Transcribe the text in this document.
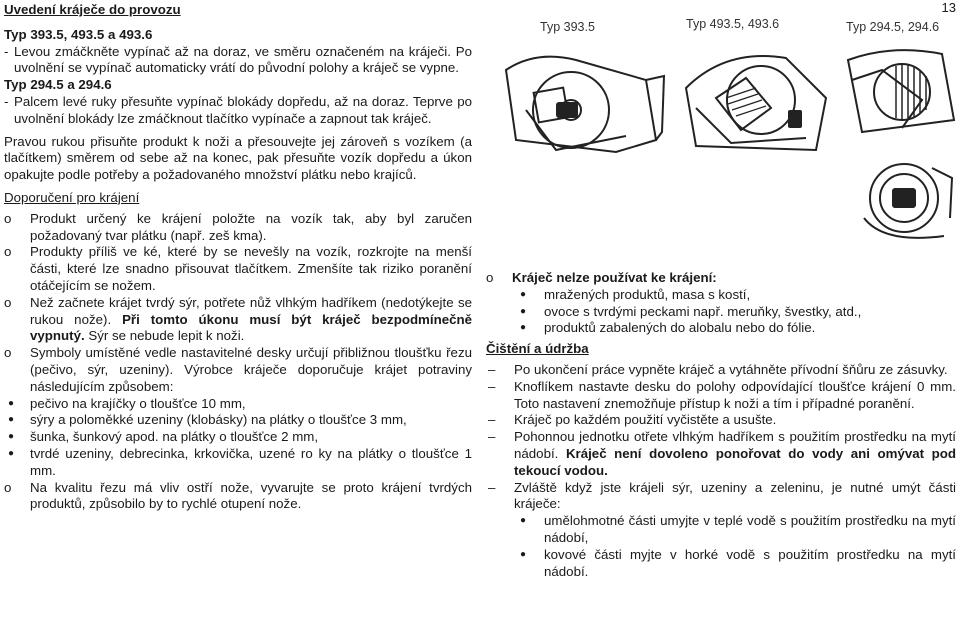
13

Uvedení kráječe do provozu

Typ 393.5, 493.5 a 493.6

- Levou zmáčkněte vypínač až na doraz, ve směru označeném na kráječi. Po uvolnění se vypínač automaticky vrátí do původní polohy a kráječ se vypne.

Typ 294.5 a 294.6

- Palcem levé ruky přesuňte vypínač blokády dopředu, až na doraz. Teprve po uvolnění blokády lze zmáčknout tlačítko vypínače a zapnout tak kráječ.

Pravou rukou přisuňte produkt k noži a přesouvejte jej zároveň s vozíkem (a tlačítkem) směrem od sebe až na konec, pak přesuňte vozík dopředu a úkon opakujte podle potřeby a požadovaného množství plátku nebo krajíců.

Doporučení pro krájení

o Produkt určený ke krájení položte na vozík tak, aby byl zaručen požadovaný tvar plátku (např. zeš kma).
o Produkty příliš ve ké, které by se nevešly na vozík, rozkrojte na menší části, které lze snadno přisouvat tlačítkem. Zmenšíte tak riziko poranění otáčejícím se nožem.
o Než začnete krájet tvrdý sýr, potřete nůž vlhkým hadříkem (nedotýkejte se rukou nože). Při tomto úkonu musí být kráječ bezpodmínečně vypnutý. Sýr se nebude lepit k noži.
o Symboly umístěné vedle nastavitelné desky určují přibližnou tloušťku řezu (pečivo, sýr, uzeniny). Výrobce kráječe doporučuje krájet potraviny následujícím způsobem:
● pečivo na krajíčky o tloušťce 10 mm,
● sýry a poloměkké uzeniny (klobásky) na plátky o tloušťce 3 mm,
● šunka, šunkový apod. na plátky o tloušťce 2 mm,
● tvrdé uzeniny, debrecinka, krkovička, uzené ro ky na plátky o tloušťce 1 mm.
o Na kvalitu řezu má vliv ostří nože, vyvarujte se proto krájení tvrdých produktů, způsobilo by to rychlé otupení nože.
Typ 393.5	Typ 493.5, 493.6	Typ 294.5, 294.6
o Kráječ nelze používat ke krájení:
● mražených produktů, masa s kostí,
● ovoce s tvrdými peckami např. meruňky, švestky, atd.,
● produktů zabalených do alobalu nebo do fólie.

Čištění a údržba

– Po ukončení práce vypněte kráječ a vytáhněte přívodní šňůru ze zásuvky.
– Knoflíkem nastavte desku do polohy odpovídající tloušťce krájení 0 mm. Toto nastavení znemožňuje přístup k noži a tím i případné poranění.
– Kráječ po každém použití vyčistěte a usušte.
– Pohonnou jednotku otřete vlhkým hadříkem s použitím prostředku na mytí nádobí. Kráječ není dovoleno ponořovat do vody ani omývat pod tekoucí vodou.
– Zvláště když jste krájeli sýr, uzeniny a zeleninu, je nutné umýt části kráječe:
● umělohmotné části umyjte v teplé vodě s použitím prostředku na mytí nádobí,
● kovové části myjte v horké vodě s použitím prostředku na mytí nádobí.
